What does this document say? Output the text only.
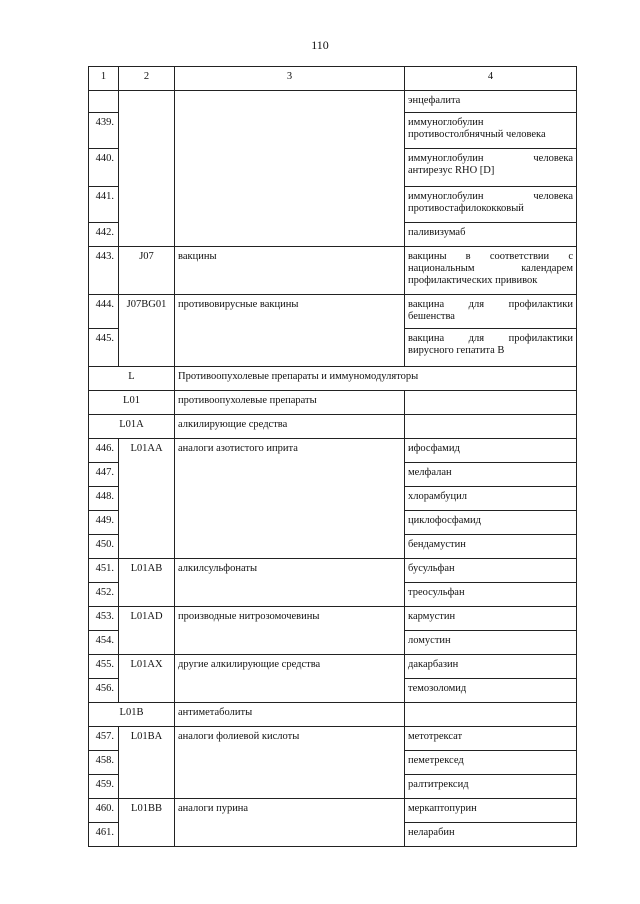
110
1	2	3	4
			энцефалита
439.			иммуноглобулин
противостолбнячный человека

440.			иммуноглобулин человека
антирезус RHO [D]
441.			иммуноглобулин человека
противостафилококковый
442.			паливизумаб
443.	J07	вакцины	вакцины в соответствии с
национальным календарем
профилактических прививок
444.	J07BG01	противовирусные вакцины	вакцина для профилактики
бешенства
445.			вакцина для профилактики
вирусного гепатита В
L		Противоопухолевые препараты и иммуномодуляторы	
L01		противоопухолевые препараты	
L01A		алкилирующие средства	
446.	L01AA	аналоги азотистого иприта	ифосфамид
447.			мелфалан
448.			хлорамбуцил
449.			циклофосфамид
450.			бендамустин
451.	L01AB	алкилсульфонаты	бусульфан
452.			треосульфан
453.	L01AD	производные нитрозомочевины	кармустин
454.			ломустин
455.	L01AX	другие алкилирующие средства	дакарбазин
456.			темозоломид
L01B		антиметаболиты	
457.	L01BA	аналоги фолиевой кислоты	метотрексат
458.			пеметрексед
459.			ралтитрексид
460.	L01BB	аналоги пурина	меркаптопурин
461.			неларабин
